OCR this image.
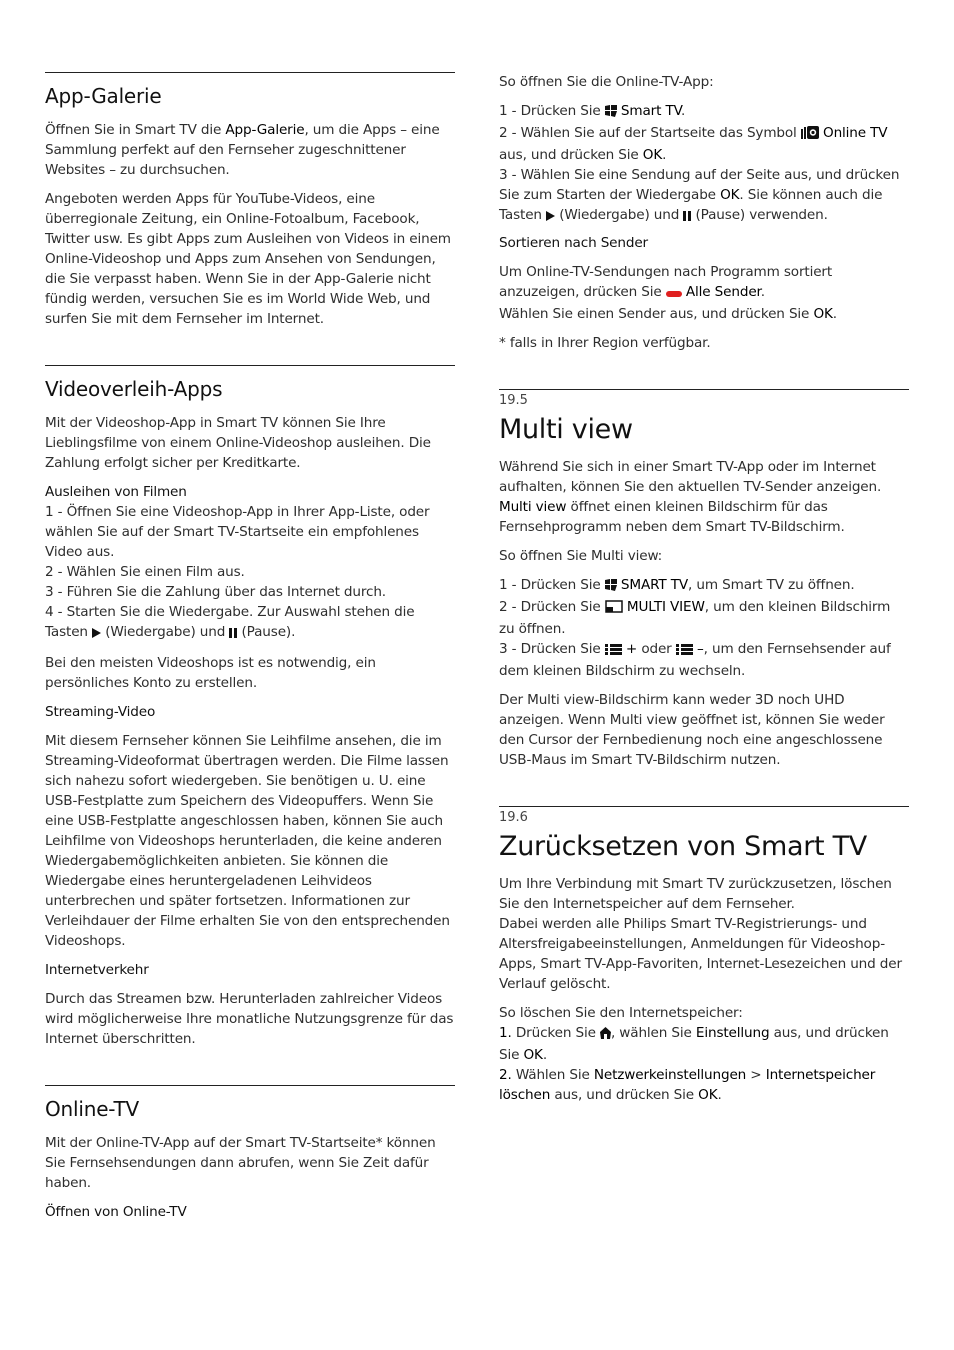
App-Galerie

Öffnen Sie in Smart TV die App-Galerie, um die Apps – eine Sammlung perfekt auf den Fernseher zugeschnittener Websites – zu durchsuchen.

Angeboten werden Apps für YouTube-Videos, eine überregionale Zeitung, ein Online-Fotoalbum, Facebook, Twitter usw. Es gibt Apps zum Ausleihen von Videos in einem Online-Videoshop und Apps zum Ansehen von Sendungen, die Sie verpasst haben. Wenn Sie in der App-Galerie nicht fündig werden, versuchen Sie es im World Wide Web, und surfen Sie mit dem Fernseher im Internet.

Videoverleih-Apps

Mit der Videoshop-App in Smart TV können Sie Ihre Lieblingsfilme von einem Online-Videoshop ausleihen. Die Zahlung erfolgt sicher per Kreditkarte.

Ausleihen von Filmen

1 - Öffnen Sie eine Videoshop-App in Ihrer App-Liste, oder wählen Sie auf der Smart TV-Startseite ein empfohlenes Video aus.

2 - Wählen Sie einen Film aus.

3 - Führen Sie die Zahlung über das Internet durch.

4 - Starten Sie die Wiedergabe. Zur Auswahl stehen die Tasten  (Wiedergabe) und  (Pause).

Bei den meisten Videoshops ist es notwendig, ein persönliches Konto zu erstellen.

Streaming-Video

Mit diesem Fernseher können Sie Leihfilme ansehen, die im Streaming-Videoformat übertragen werden. Die Filme lassen sich nahezu sofort wiedergeben. Sie benötigen u. U. eine USB-Festplatte zum Speichern des Videopuffers. Wenn Sie eine USB-Festplatte angeschlossen haben, können Sie auch Leihfilme von Videoshops herunterladen, die keine anderen Wiedergabemöglichkeiten anbieten. Sie können die Wiedergabe eines heruntergeladenen Leihvideos unterbrechen und später fortsetzen. Informationen zur Verleihdauer der Filme erhalten Sie von den entsprechenden Videoshops.

Internetverkehr

Durch das Streamen bzw. Herunterladen zahlreicher Videos wird möglicherweise Ihre monatliche Nutzungsgrenze für das Internet überschritten.

Online-TV

Mit der Online-TV-App auf der Smart TV-Startseite* können Sie Fernsehsendungen dann abrufen, wenn Sie Zeit dafür haben.

Öffnen von Online-TV

So öffnen Sie die Online-TV-App:

1 - Drücken Sie  Smart TV.

2 - Wählen Sie auf der Startseite das Symbol  Online TV aus, und drücken Sie OK.

3 - Wählen Sie eine Sendung auf der Seite aus, und drücken Sie zum Starten der Wiedergabe OK. Sie können auch die Tasten  (Wiedergabe) und  (Pause) verwenden.

Sortieren nach Sender

Um Online-TV-Sendungen nach Programm sortiert anzuzeigen, drücken Sie  Alle Sender.

Wählen Sie einen Sender aus, und drücken Sie OK.

* falls in Ihrer Region verfügbar.

19.5
Multi view

Während Sie sich in einer Smart TV-App oder im Internet aufhalten, können Sie den aktuellen TV-Sender anzeigen. Multi view öffnet einen kleinen Bildschirm für das Fernsehprogramm neben dem Smart TV-Bildschirm.

So öffnen Sie Multi view:

1 - Drücken Sie  SMART TV, um Smart TV zu öffnen.

2 - Drücken Sie  MULTI VIEW, um den kleinen Bildschirm zu öffnen.

3 - Drücken Sie  + oder  –, um den Fernsehsender auf dem kleinen Bildschirm zu wechseln.

Der Multi view-Bildschirm kann weder 3D noch UHD anzeigen. Wenn Multi view geöffnet ist, können Sie weder den Cursor der Fernbedienung noch eine angeschlossene USB-Maus im Smart TV-Bildschirm nutzen.

19.6
Zurücksetzen von Smart TV

Um Ihre Verbindung mit Smart TV zurückzusetzen, löschen Sie den Internetspeicher auf dem Fernseher.

Dabei werden alle Philips Smart TV-Registrierungs- und Altersfreigabeeinstellungen, Anmeldungen für Videoshop-Apps, Smart TV-App-Favoriten, Internet-Lesezeichen und der Verlauf gelöscht.

So löschen Sie den Internetspeicher:

1. Drücken Sie , wählen Sie Einstellung aus, und drücken Sie OK.

2. Wählen Sie Netzwerkeinstellungen > Internetspeicher löschen aus, und drücken Sie OK.
